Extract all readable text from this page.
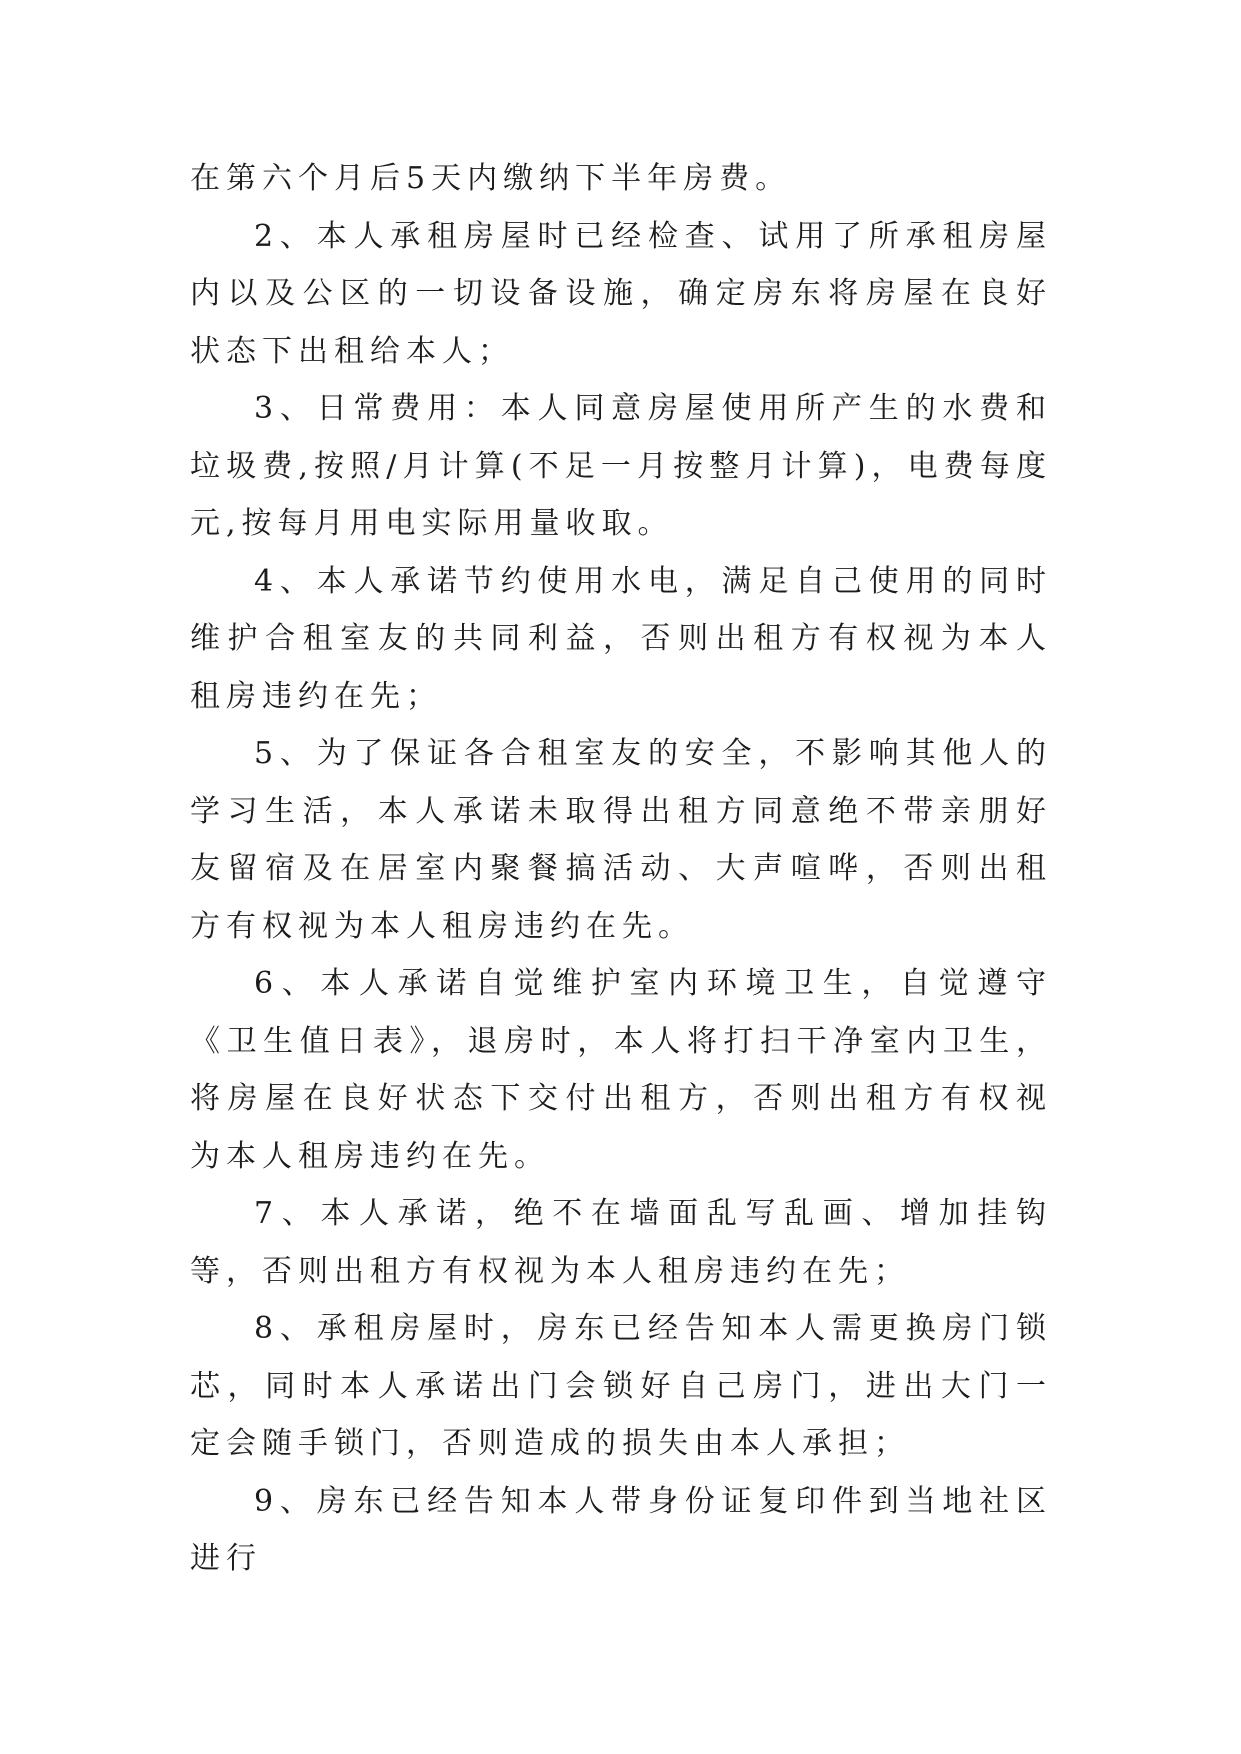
在第六个月后5天内缴纳下半年房费。

2、本人承租房屋时已经检查、试用了所承租房屋内以及公区的一切设备设施，确定房东将房屋在良好状态下出租给本人；

3、日常费用：本人同意房屋使用所产生的水费和垃圾费,按照/月计算(不足一月按整月计算)，电费每度元,按每月用电实际用量收取。

4、本人承诺节约使用水电，满足自己使用的同时维护合租室友的共同利益，否则出租方有权视为本人租房违约在先；

5、为了保证各合租室友的安全，不影响其他人的学习生活，本人承诺未取得出租方同意绝不带亲朋好友留宿及在居室内聚餐搞活动、大声喧哗，否则出租方有权视为本人租房违约在先。

6、本人承诺自觉维护室内环境卫生，自觉遵守《卫生值日表》，退房时，本人将打扫干净室内卫生，将房屋在良好状态下交付出租方，否则出租方有权视为本人租房违约在先。

7、本人承诺，绝不在墙面乱写乱画、增加挂钩等，否则出租方有权视为本人租房违约在先；

8、承租房屋时，房东已经告知本人需更换房门锁芯，同时本人承诺出门会锁好自己房门，进出大门一定会随手锁门，否则造成的损失由本人承担；

9、房东已经告知本人带身份证复印件到当地社区进行
